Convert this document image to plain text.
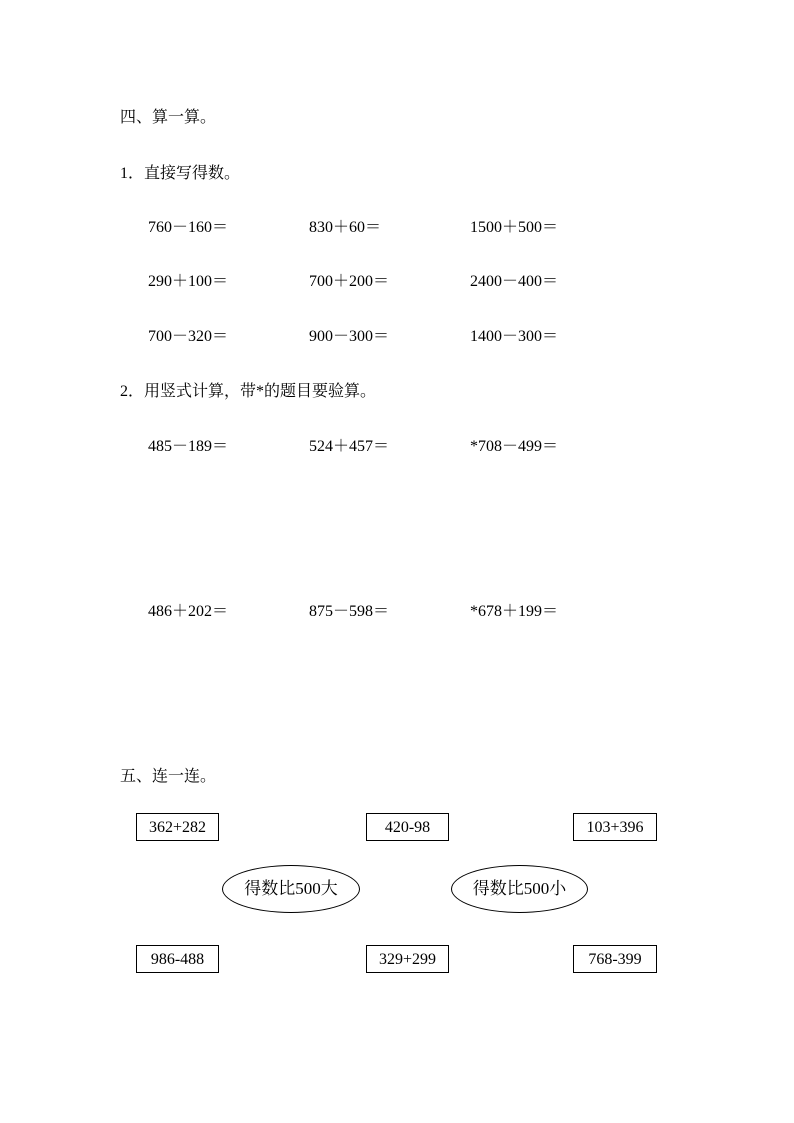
四、算一算。
1．直接写得数。
760－160＝	830＋60＝	1500＋500＝
290＋100＝	700＋200＝	2400－400＝
700－320＝	900－300＝	1400－300＝
2．用竖式计算，带*的题目要验算。
485－189＝	524＋457＝	*708－499＝
486＋202＝	875－598＝	*678＋199＝
五、连一连。
362+282	420-98	103+396
得数比500大	得数比500小
986-488	329+299	768-399
